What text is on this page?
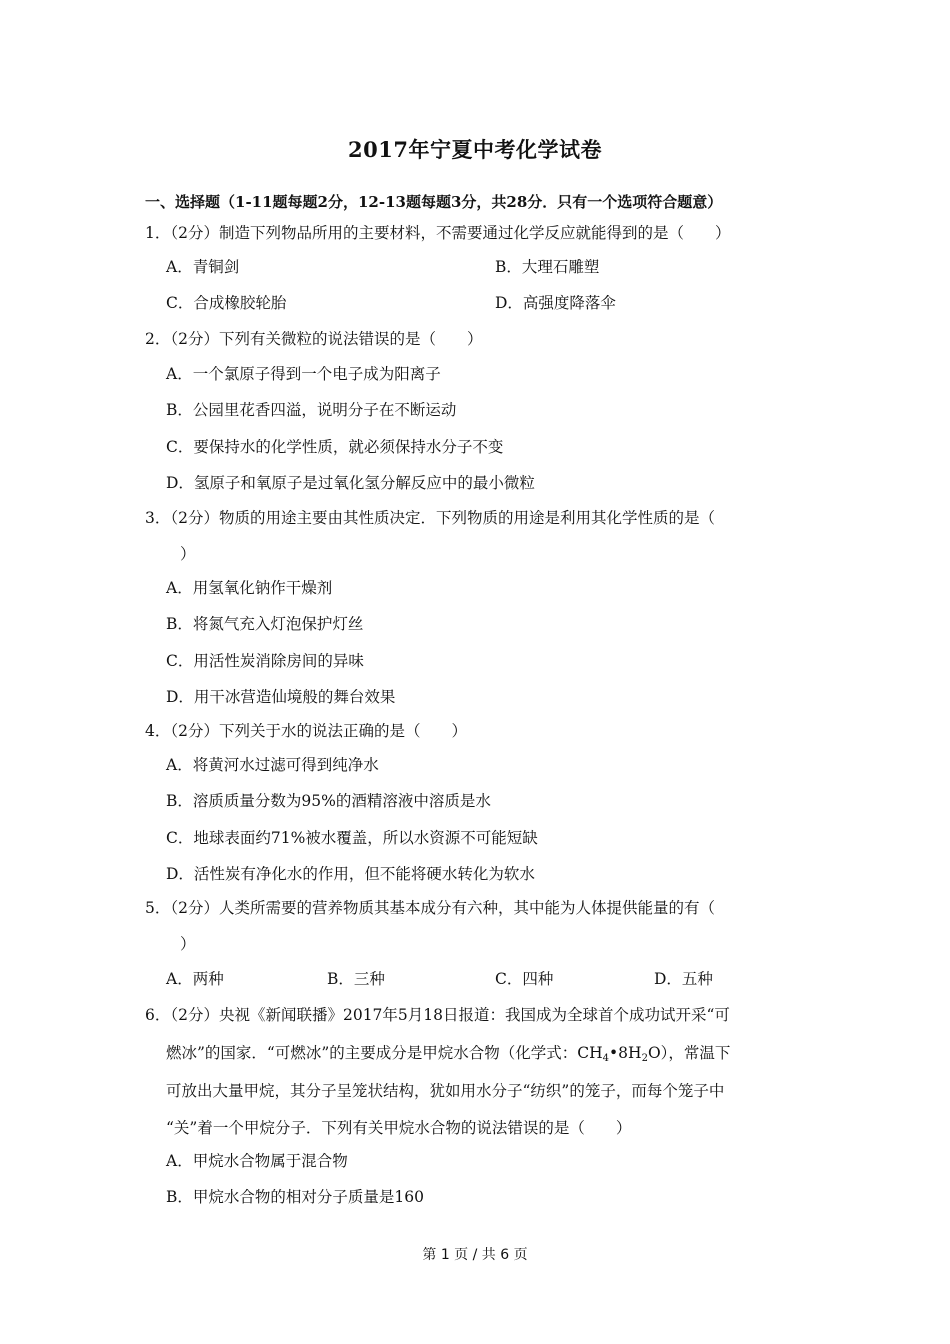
2017年宁夏中考化学试卷
一、选择题（1-11题每题2分，12-13题每题3分，共28分．只有一个选项符合题意）
1．（2分）制造下列物品所用的主要材料，不需要通过化学反应就能得到的是（　　）
A．青铜剑	B．大理石雕塑
C．合成橡胶轮胎	D．高强度降落伞
2．（2分）下列有关微粒的说法错误的是（　　）
A．一个氯原子得到一个电子成为阳离子
B．公园里花香四溢，说明分子在不断运动
C．要保持水的化学性质，就必须保持水分子不变
D．氢原子和氧原子是过氧化氢分解反应中的最小微粒
3．（2分）物质的用途主要由其性质决定．下列物质的用途是利用其化学性质的是（
）
A．用氢氧化钠作干燥剂
B．将氮气充入灯泡保护灯丝
C．用活性炭消除房间的异味
D．用干冰营造仙境般的舞台效果
4．（2分）下列关于水的说法正确的是（　　）
A．将黄河水过滤可得到纯净水
B．溶质质量分数为95%的酒精溶液中溶质是水
C．地球表面约71%被水覆盖，所以水资源不可能短缺
D．活性炭有净化水的作用，但不能将硬水转化为软水
5．（2分）人类所需要的营养物质其基本成分有六种，其中能为人体提供能量的有（
）
A．两种	B．三种	C．四种	D．五种
6．（2分）央视《新闻联播》2017年5月18日报道：我国成为全球首个成功试开采“可
燃冰”的国家．“可燃冰”的主要成分是甲烷水合物（化学式：$CH_4•8H_2O$），常温下
可放出大量甲烷，其分子呈笼状结构，犹如用水分子“纺织”的笼子，而每个笼子中
“关”着一个甲烷分子．下列有关甲烷水合物的说法错误的是（　　）
A．甲烷水合物属于混合物
B．甲烷水合物的相对分子质量是160
第 1 页 / 共 6 页
